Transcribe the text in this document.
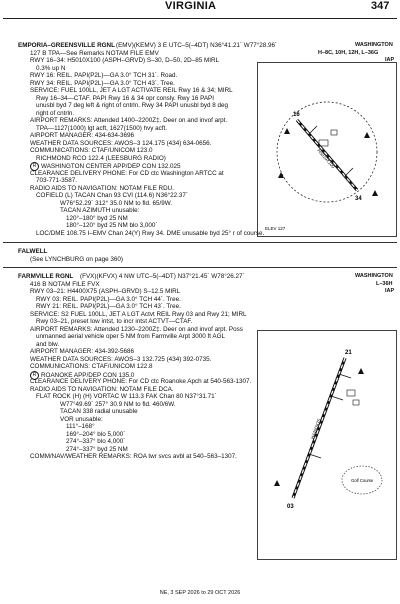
VIRGINIA	347
EMPORIA–GREENSVILLE RGNL (EMV)(KEMV) 3 E UTC–5(–4DT) N36°41.21´ W77°28.96´	WASHINGTON
127 B TPA—See Remarks NOTAM FILE EMV	H–8C, 10H, 12H, L–36G
IAP
RWY 16–34: H5010X100 (ASPH–GRVD) S–30, D–50, 2D–85 MIRL
0.3% up N
RWY 16: REIL. PAPI(P2L)—GA 3.0° TCH 31´. Road.
RWY 34: REIL. PAPI(P2L)—GA 3.0° TCH 43´. Tree.
SERVICE: FUEL 100LL, JET A LGT ACTIVATE REIL Rwy 16 & 34; MIRL
Rwy 16–34—CTAF. PAPI Rwy 16 & 34 opr consly. Rwy 16 PAPI
unusbl byd 7 deg left & right of cntrln. Rwy 34 PAPI unusbl byd 8 deg
right of cntrln.
AIRPORT REMARKS: Attended 1400–2200Z‡. Deer on and invof arpt.
TPA—1127(1000) lgt acft, 1627(1500) hvy acft.
AIRPORT MANAGER: 434-634-3696
WEATHER DATA SOURCES: AWOS–3 124.175 (434) 634-0656.
COMMUNICATIONS: CTAF/UNICOM 123.0
RICHMOND RCO 122.4 (LEESBURG RADIO)
R WASHINGTON CENTER APP/DEP CON 132.025
CLEARANCE DELIVERY PHONE: For CD ctc Washington ARTCC at
703-771-3587.
RADIO AIDS TO NAVIGATION: NOTAM FILE RDU.
COFIELD (L) TACAN Chan 93 CVI (114.6) N36°22.37´
W76°52.29´ 312° 35.0 NM to fld. 65/9W.
TACAN AZIMUTH unusable:
120°–180° byd 25 NM
180°–120° byd 25 NM blo 3,000´
LOC/DME 108.75 I–EMV Chan 24(Y) Rwy 34. DME unusable byd 25° r of course.
16
34
H5010X100
ELEV 127
FALWELL
(See LYNCHBURG on page 360)
FARMVILLE RGNL (FVX)(KFVX) 4 NW UTC–5(–4DT) N37°21.45´ W78°26.27´	WASHINGTON
416 B NOTAM FILE FVX	L–36H
IAP
RWY 03–21: H4400X75 (ASPH–GRVD) S–12.5 MIRL
RWY 03: REIL. PAPI(P2L)—GA 3.0° TCH 44´. Tree.
RWY 21: REIL. PAPI(P2L)—GA 3.0° TCH 43´. Tree.
SERVICE: S2 FUEL 100LL, JET A LGT Actvt REIL Rwy 03 and Rwy 21; MIRL
Rwy 03–21, preset low intst, to incr intst ACTVT—CTAF.
AIRPORT REMARKS: Attended 1230–2200Z‡. Deer on and invof arpt. Poss
unmanned aerial vehicle oper 5 NM from Farmville Arpt 3000 ft AGL
and blw.
AIRPORT MANAGER: 434-392-5686
WEATHER DATA SOURCES: AWOS–3 132.725 (434) 392-0735.
COMMUNICATIONS: CTAF/UNICOM 122.8
R ROANOKE APP/DEP CON 135.0
CLEARANCE DELIVERY PHONE: For CD ctc Roanoke Apch at 540-563-1307.
RADIO AIDS TO NAVIGATION: NOTAM FILE DCA.
FLAT ROCK (H) (H) VORTAC W 113.3 FAK Chan 80 N37°31.71´
W77°49.69´ 257° 30.9 NM to fld. 460/6W.
TACAN 338 radial unusable
VOR unusable:
111°–168°
169°–204° blo 5,000´
274°–337° blo 4,000´
274°–337° byd 25 NM
COMM/NAV/WEATHER REMARKS: ROA twr svcs avbl at 540–563–1307.
21
03
H4400X75
Golf Course
NE, 3 SEP 2026 to 29 OCT 2026
